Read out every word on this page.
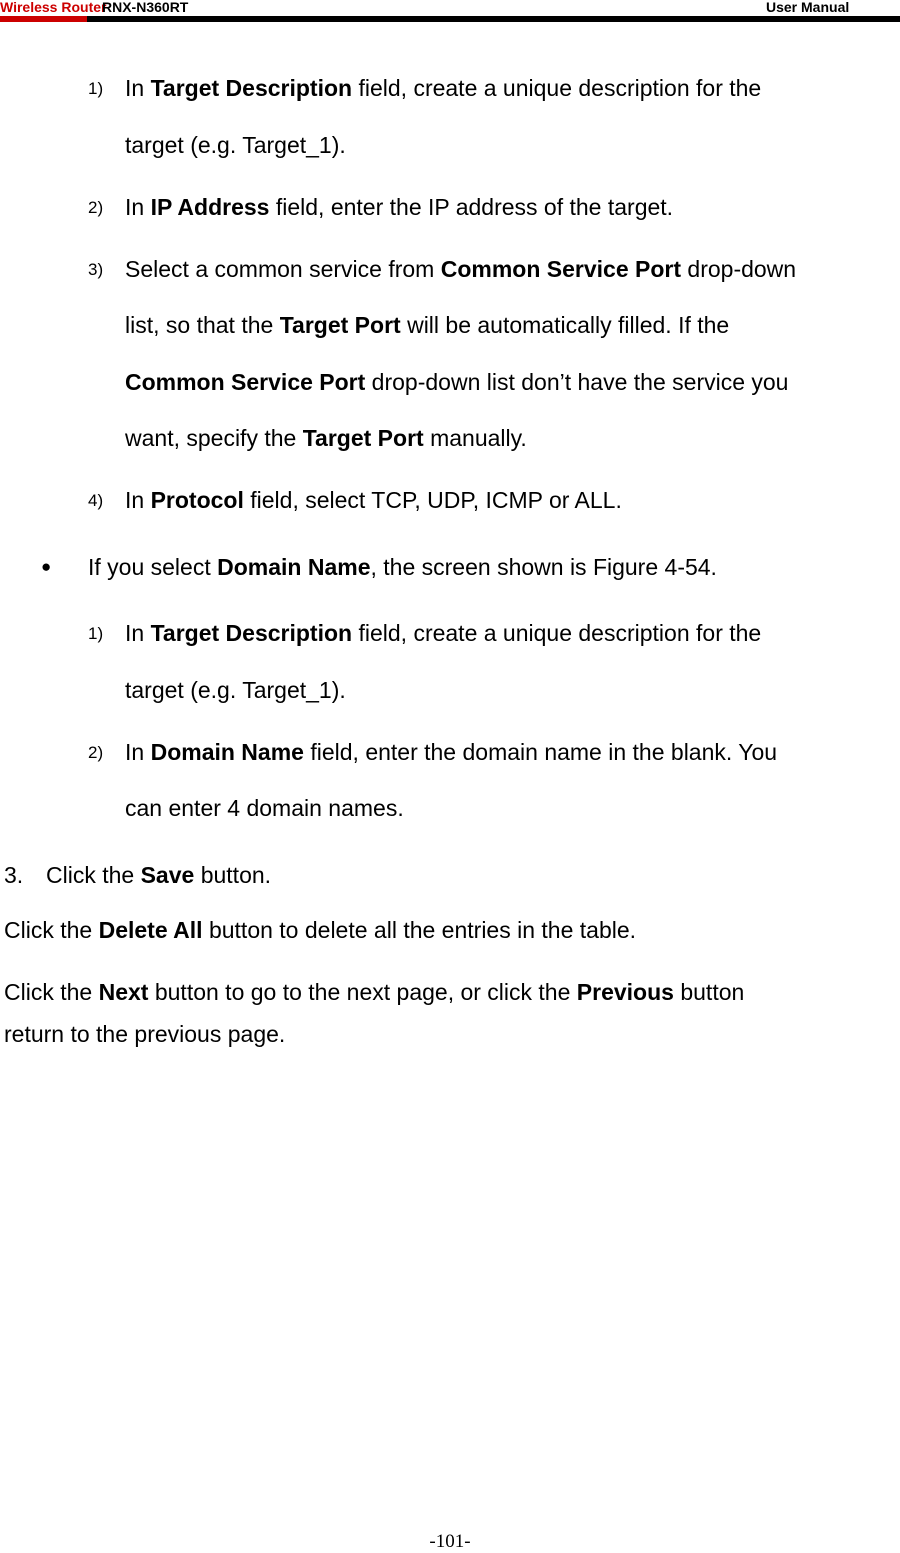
Wireless Router
RNX-N360RT	User Manual
1) In Target Description field, create a unique description for the
target (e.g. Target_1).
2) In IP Address field, enter the IP address of the target.
3) Select a common service from Common Service Port drop-down
list, so that the Target Port will be automatically filled. If the
Common Service Port drop-down list don’t have the service you
want, specify the Target Port manually.
4) In Protocol field, select TCP, UDP, ICMP or ALL.
● If you select Domain Name, the screen shown is Figure 4-54.
1) In Target Description field, create a unique description for the
target (e.g. Target_1).
2) In Domain Name field, enter the domain name in the blank. You
can enter 4 domain names.
3. Click the Save button.
Click the Delete All button to delete all the entries in the table.
Click the Next button to go to the next page, or click the Previous button
return to the previous page.
-101-
